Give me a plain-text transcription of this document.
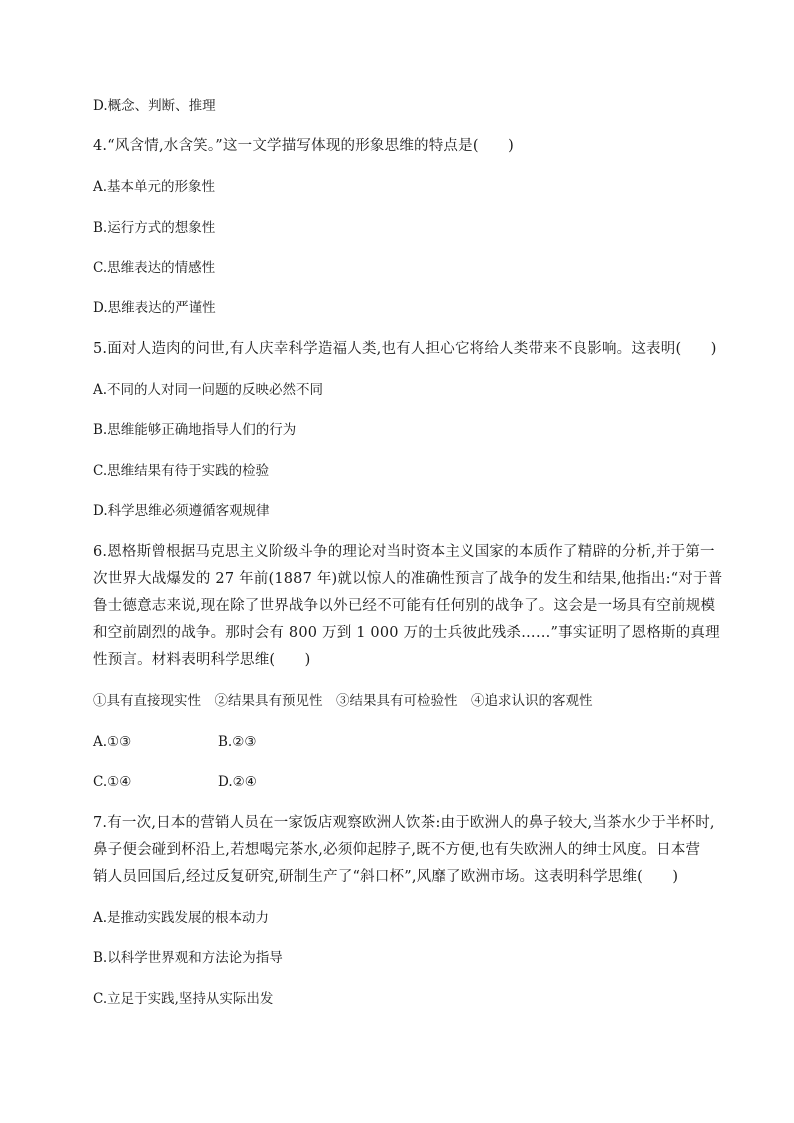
D.概念、判断、推理
4.“风含情,水含笑。”这一文学描写体现的形象思维的特点是(　　)
A.基本单元的形象性
B.运行方式的想象性
C.思维表达的情感性
D.思维表达的严谨性
5.面对人造肉的问世,有人庆幸科学造福人类,也有人担心它将给人类带来不良影响。这表明(　　)
A.不同的人对同一问题的反映必然不同
B.思维能够正确地指导人们的行为
C.思维结果有待于实践的检验
D.科学思维必须遵循客观规律
6.恩格斯曾根据马克思主义阶级斗争的理论对当时资本主义国家的本质作了精辟的分析,并于第一
次世界大战爆发的 27 年前(1887 年)就以惊人的准确性预言了战争的发生和结果,他指出:“对于普
鲁士德意志来说,现在除了世界战争以外已经不可能有任何别的战争了。这会是一场具有空前规模
和空前剧烈的战争。那时会有 800 万到 1 000 万的士兵彼此残杀……”事实证明了恩格斯的真理
性预言。材料表明科学思维(　　)
①具有直接现实性　②结果具有预见性　③结果具有可检验性　④追求认识的客观性
A.①③	B.②③
C.①④	D.②④
7.有一次,日本的营销人员在一家饭店观察欧洲人饮茶:由于欧洲人的鼻子较大,当茶水少于半杯时,
鼻子便会碰到杯沿上,若想喝完茶水,必须仰起脖子,既不方便,也有失欧洲人的绅士风度。日本营
销人员回国后,经过反复研究,研制生产了“斜口杯”,风靡了欧洲市场。这表明科学思维(　　)
A.是推动实践发展的根本动力
B.以科学世界观和方法论为指导
C.立足于实践,坚持从实际出发
